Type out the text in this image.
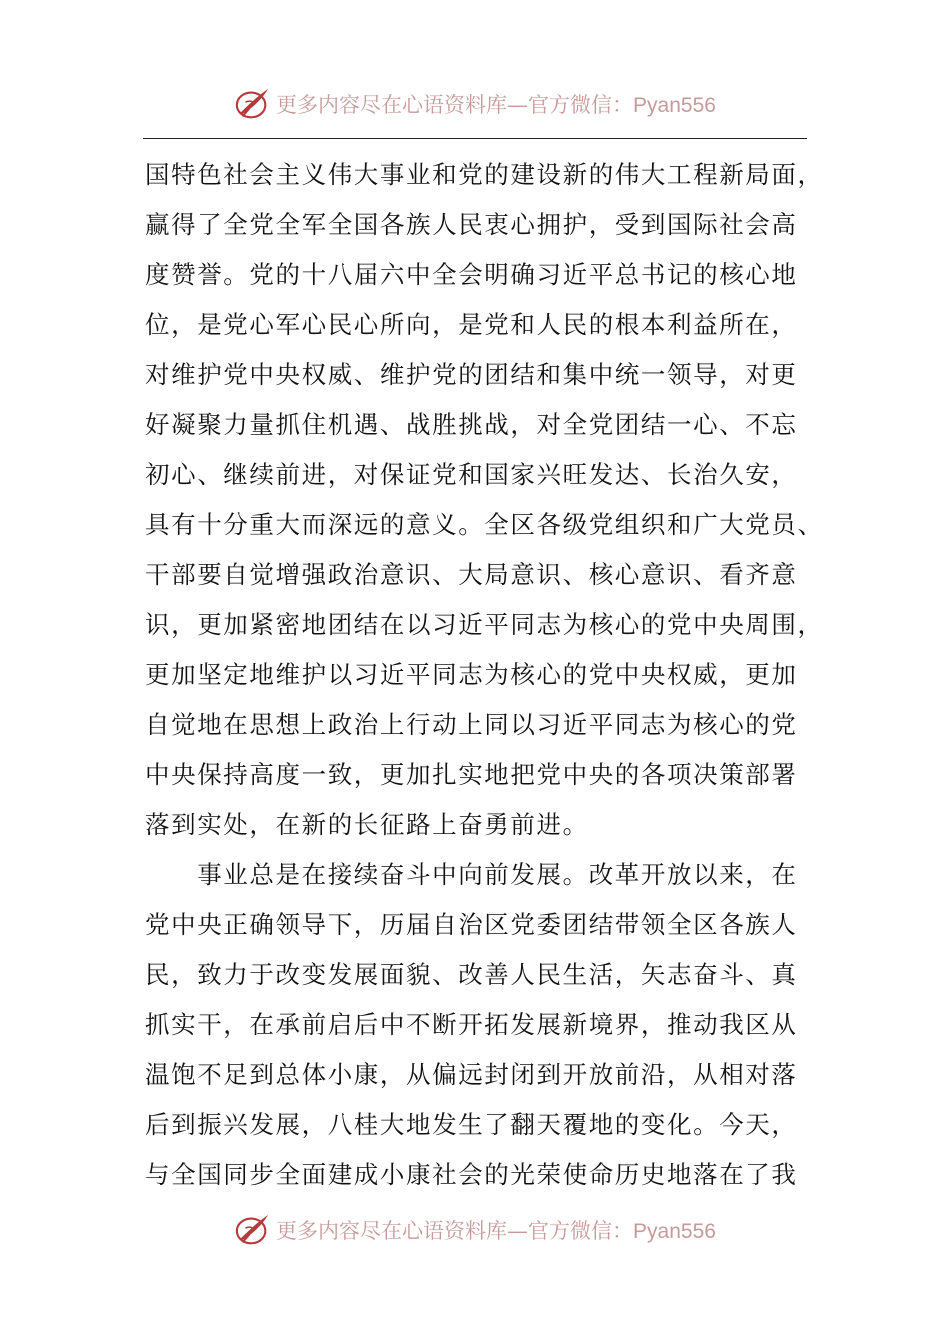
更多内容尽在心语资料库—官方微信：Pyan556
国特色社会主义伟大事业和党的建设新的伟大工程新局面，
赢得了全党全军全国各族人民衷心拥护，受到国际社会高
度赞誉。党的十八届六中全会明确习近平总书记的核心地
位，是党心军心民心所向，是党和人民的根本利益所在，
对维护党中央权威、维护党的团结和集中统一领导，对更
好凝聚力量抓住机遇、战胜挑战，对全党团结一心、不忘
初心、继续前进，对保证党和国家兴旺发达、长治久安，
具有十分重大而深远的意义。全区各级党组织和广大党员、
干部要自觉增强政治意识、大局意识、核心意识、看齐意
识，更加紧密地团结在以习近平同志为核心的党中央周围，
更加坚定地维护以习近平同志为核心的党中央权威，更加
自觉地在思想上政治上行动上同以习近平同志为核心的党
中央保持高度一致，更加扎实地把党中央的各项决策部署
落到实处，在新的长征路上奋勇前进。
　　事业总是在接续奋斗中向前发展。改革开放以来，在
党中央正确领导下，历届自治区党委团结带领全区各族人
民，致力于改变发展面貌、改善人民生活，矢志奋斗、真
抓实干，在承前启后中不断开拓发展新境界，推动我区从
温饱不足到总体小康，从偏远封闭到开放前沿，从相对落
后到振兴发展，八桂大地发生了翻天覆地的变化。今天，
与全国同步全面建成小康社会的光荣使命历史地落在了我
更多内容尽在心语资料库—官方微信：Pyan556
